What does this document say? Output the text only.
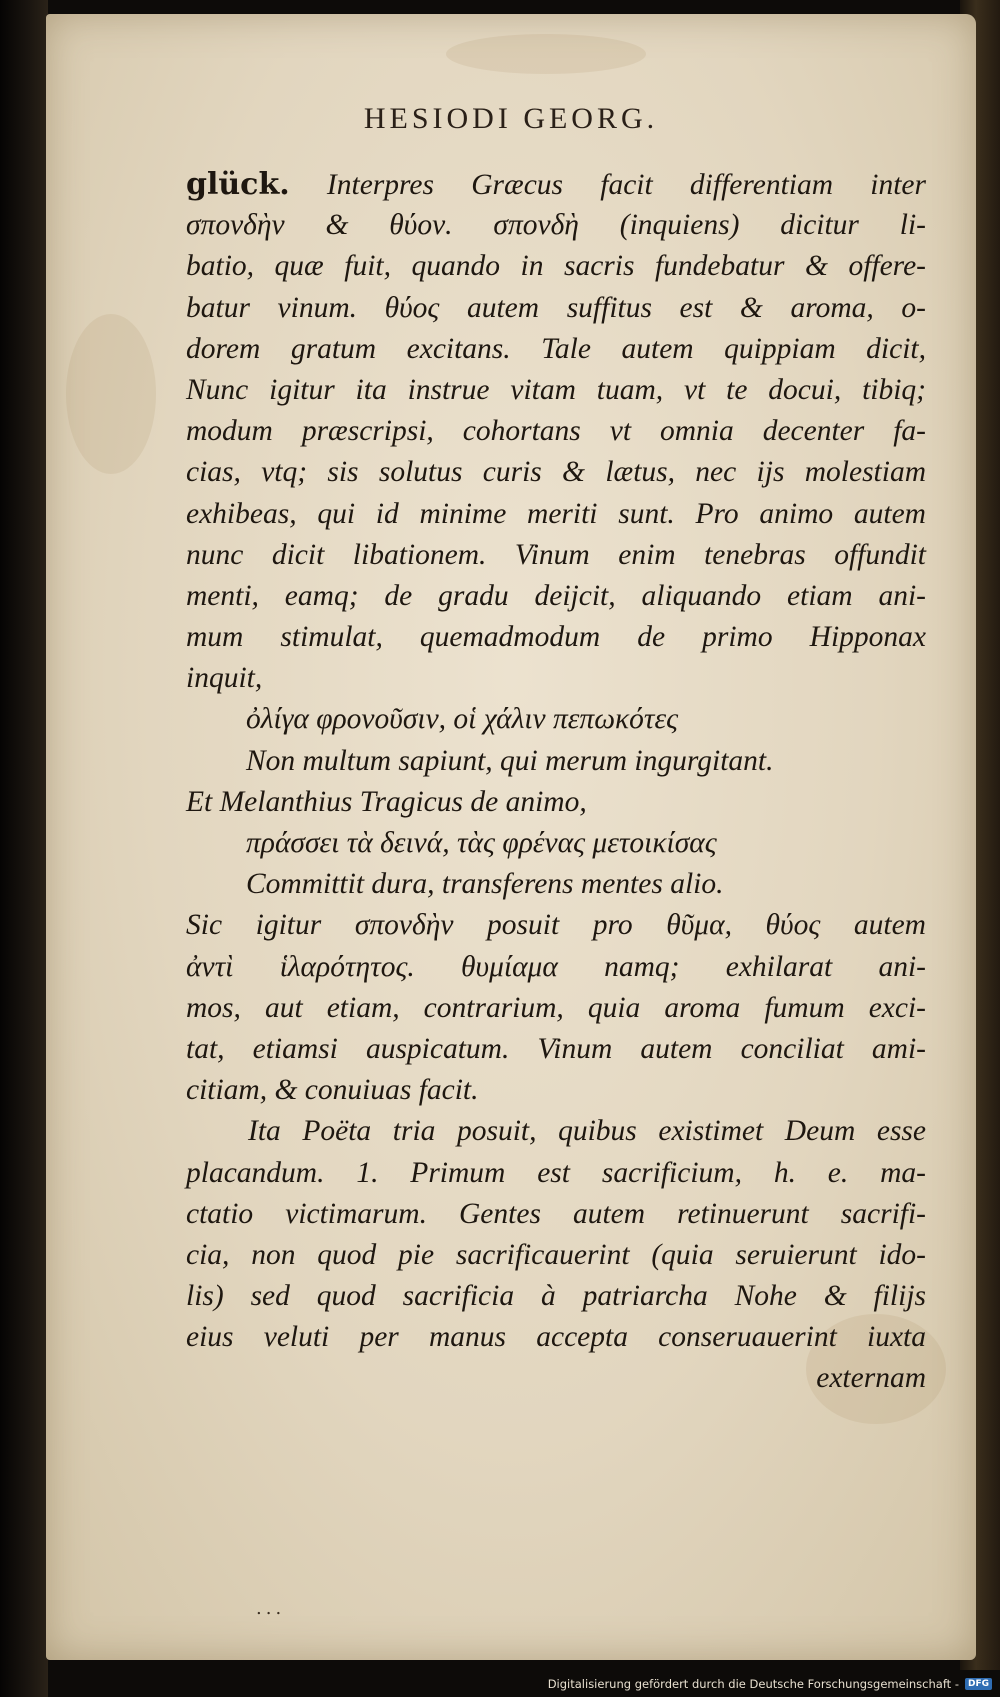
HESIODI GEORG.
glück. Interpres Græcus facit differentiam inter
σπονδὴν & θύον. σπονδὴ (inquiens) dicitur li-
batio, quæ fuit, quando in sacris fundebatur & offere-
batur vinum. θύος autem suffitus est & aroma, o-
dorem gratum excitans. Tale autem quippiam dicit,
Nunc igitur ita instrue vitam tuam, vt te docui, tibiq;
modum præscripsi, cohortans vt omnia decenter fa-
cias, vtq; sis solutus curis & lætus, nec ijs molestiam
exhibeas, qui id minime meriti sunt. Pro animo autem
nunc dicit libationem. Vinum enim tenebras offundit
menti, eamq; de gradu deijcit, aliquando etiam ani-
mum stimulat, quemadmodum de primo Hipponax
inquit,
ὀλίγα φρονοῦσιν, οἱ χάλιν πεπωκότες
Non multum sapiunt, qui merum ingurgitant.
Et Melanthius Tragicus de animo,
πράσσει τὰ δεινά, τὰς φρένας μετοικίσας
Committit dura, transferens mentes alio.
Sic igitur σπονδὴν posuit pro θῦμα, θύος autem
ἀντὶ ἱλαρότητος. θυμίαμα namq; exhilarat ani-
mos, aut etiam, contrarium, quia aroma fumum exci-
tat, etiamsi auspicatum. Vinum autem conciliat ami-
citiam, & conuiuas facit.
Ita Poëta tria posuit, quibus existimet Deum esse
placandum. 1. Primum est sacrificium, h. e. ma-
ctatio victimarum. Gentes autem retinuerunt sacrifi-
cia, non quod pie sacrificauerint (quia seruierunt ido-
lis) sed quod sacrificia à patriarcha Nohe & filijs
eius veluti per manus accepta conseruauerint iuxta
externam
...
Digitalisierung gefördert durch die Deutsche Forschungsgemeinschaft -	DFG
